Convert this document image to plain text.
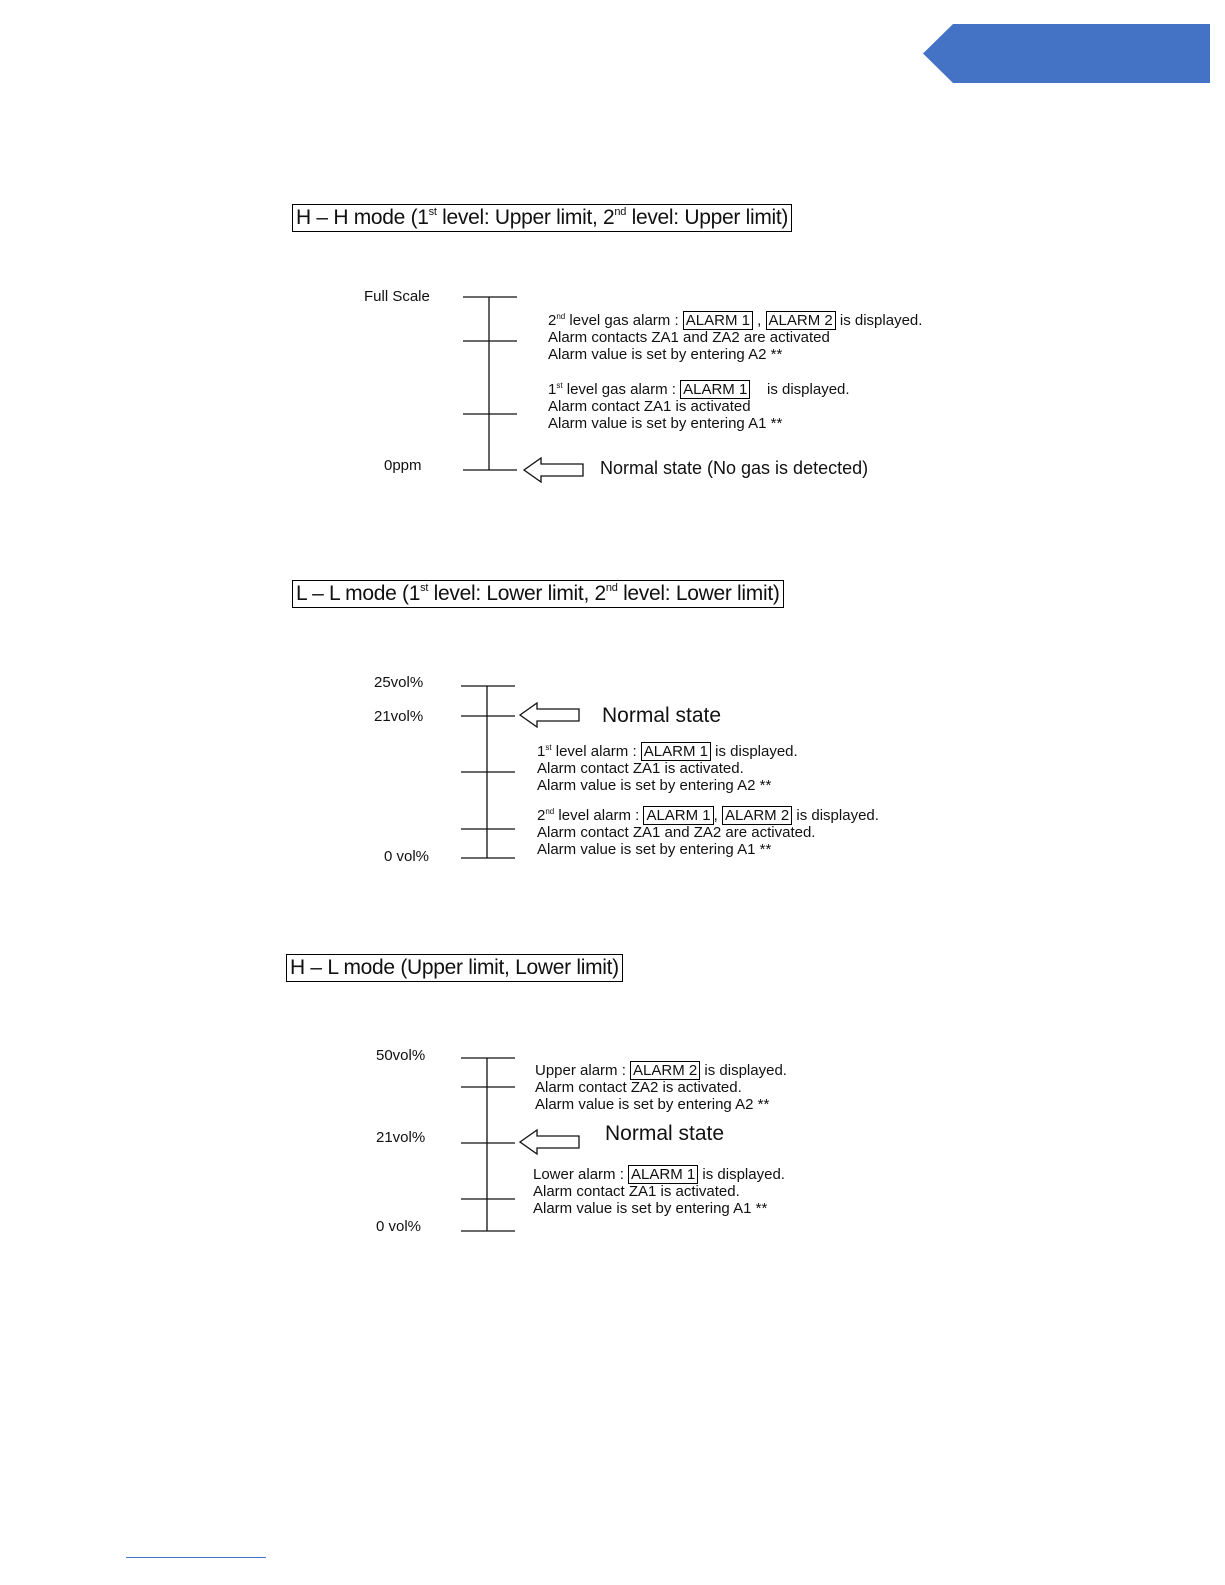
H – H mode (1st level: Upper limit, 2nd level: Upper limit)
Full Scale
0ppm
2nd level gas alarm : ALARM 1 , ALARM 2 is displayed.
Alarm contacts ZA1 and ZA2 are activated
Alarm value is set by entering A2 **
1st level gas alarm : ALARM 1    is displayed.
Alarm contact ZA1 is activated
Alarm value is set by entering A1 **
Normal state (No gas is detected)
L – L mode (1st level: Lower limit, 2nd level: Lower limit)
25vol%
21vol%
0 vol%
Normal state
1st level alarm : ALARM 1 is displayed.
Alarm contact ZA1 is activated.
Alarm value is set by entering A2 **
2nd level alarm : ALARM 1 , ALARM 2 is displayed.
Alarm contact ZA1 and ZA2 are activated.
Alarm value is set by entering A1 **
H – L mode (Upper limit, Lower limit)
50vol%
21vol%
0 vol%
Upper alarm : ALARM 2 is displayed.
Alarm contact ZA2 is activated.
Alarm value is set by entering A2 **
Normal state
Lower alarm : ALARM 1 is displayed.
Alarm contact ZA1 is activated.
Alarm value is set by entering A1 **
